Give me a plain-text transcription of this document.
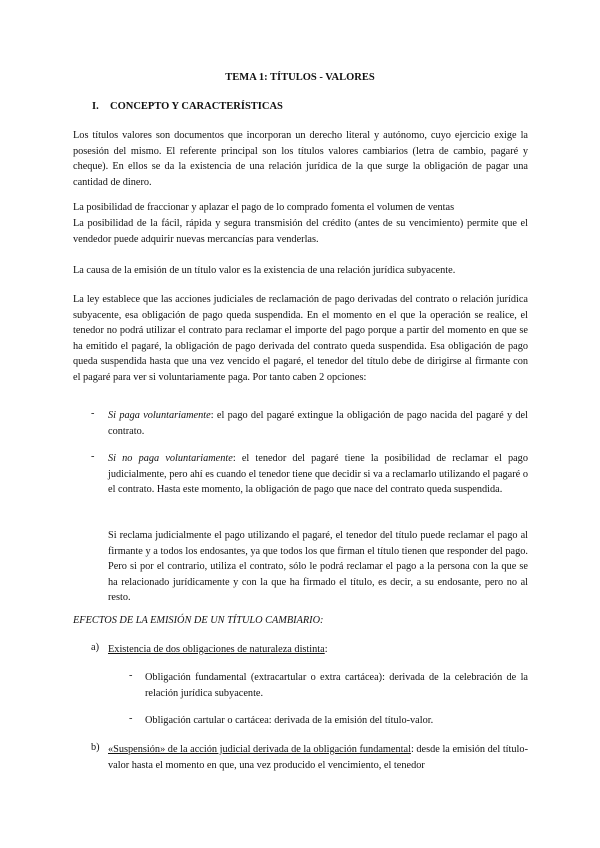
TEMA 1: TÍTULOS - VALORES
I. CONCEPTO Y CARACTERÍSTICAS

Los títulos valores son documentos que incorporan un derecho literal y autónomo, cuyo ejercicio exige la posesión del mismo. El referente principal son los títulos valores cambiarios (letra de cambio, pagaré y cheque). En ellos se da la existencia de una relación jurídica de la que surge la obligación de pagar una cantidad de dinero.

La posibilidad de fraccionar y aplazar el pago de lo comprado fomenta el volumen de ventas

La posibilidad de la fácil, rápida y segura transmisión del crédito (antes de su vencimiento) permite que el vendedor puede adquirir nuevas mercancías para venderlas.

La causa de la emisión de un título valor es la existencia de una relación jurídica subyacente.

La ley establece que las acciones judiciales de reclamación de pago derivadas del contrato o relación jurídica subyacente, esa obligación de pago queda suspendida. En el momento en el que la operación se realice, el tenedor no podrá utilizar el contrato para reclamar el importe del pago porque a partir del momento en que se ha emitido el pagaré, la obligación de pago derivada del contrato queda suspendida. Esa obligación de pago queda suspendida hasta que una vez vencido el pagaré, el tenedor del título debe de dirigirse al firmante con el pagaré para ver si voluntariamente paga. Por tanto caben 2 opciones:

- Si paga voluntariamente: el pago del pagaré extingue la obligación de pago nacida del pagaré y del contrato.

- Si no paga voluntariamente: el tenedor del pagaré tiene la posibilidad de reclamar el pago judicialmente, pero ahí es cuando el tenedor tiene que decidir si va a reclamarlo utilizando el pagaré o el contrato. Hasta este momento, la obligación de pago que nace del contrato queda suspendida.

Si reclama judicialmente el pago utilizando el pagaré, el tenedor del título puede reclamar el pago al firmante y a todos los endosantes, ya que todos los que firman el título tienen que responder del pago. Pero si por el contrario, utiliza el contrato, sólo le podrá reclamar el pago a la persona con la que se ha relacionado jurídicamente y con la que ha firmado el título, es decir, a su endosante, pero no al resto.

EFECTOS DE LA EMISIÓN DE UN TÍTULO CAMBIARIO:

a) Existencia de dos obligaciones de naturaleza distinta:

- Obligación fundamental (extracartular o extra cartácea): derivada de la celebración de la relación jurídica subyacente.

- Obligación cartular o cartácea: derivada de la emisión del título-valor.

b) «Suspensión» de la acción judicial derivada de la obligación fundamental: desde la emisión del título-valor hasta el momento en que, una vez producido el vencimiento, el tenedor
